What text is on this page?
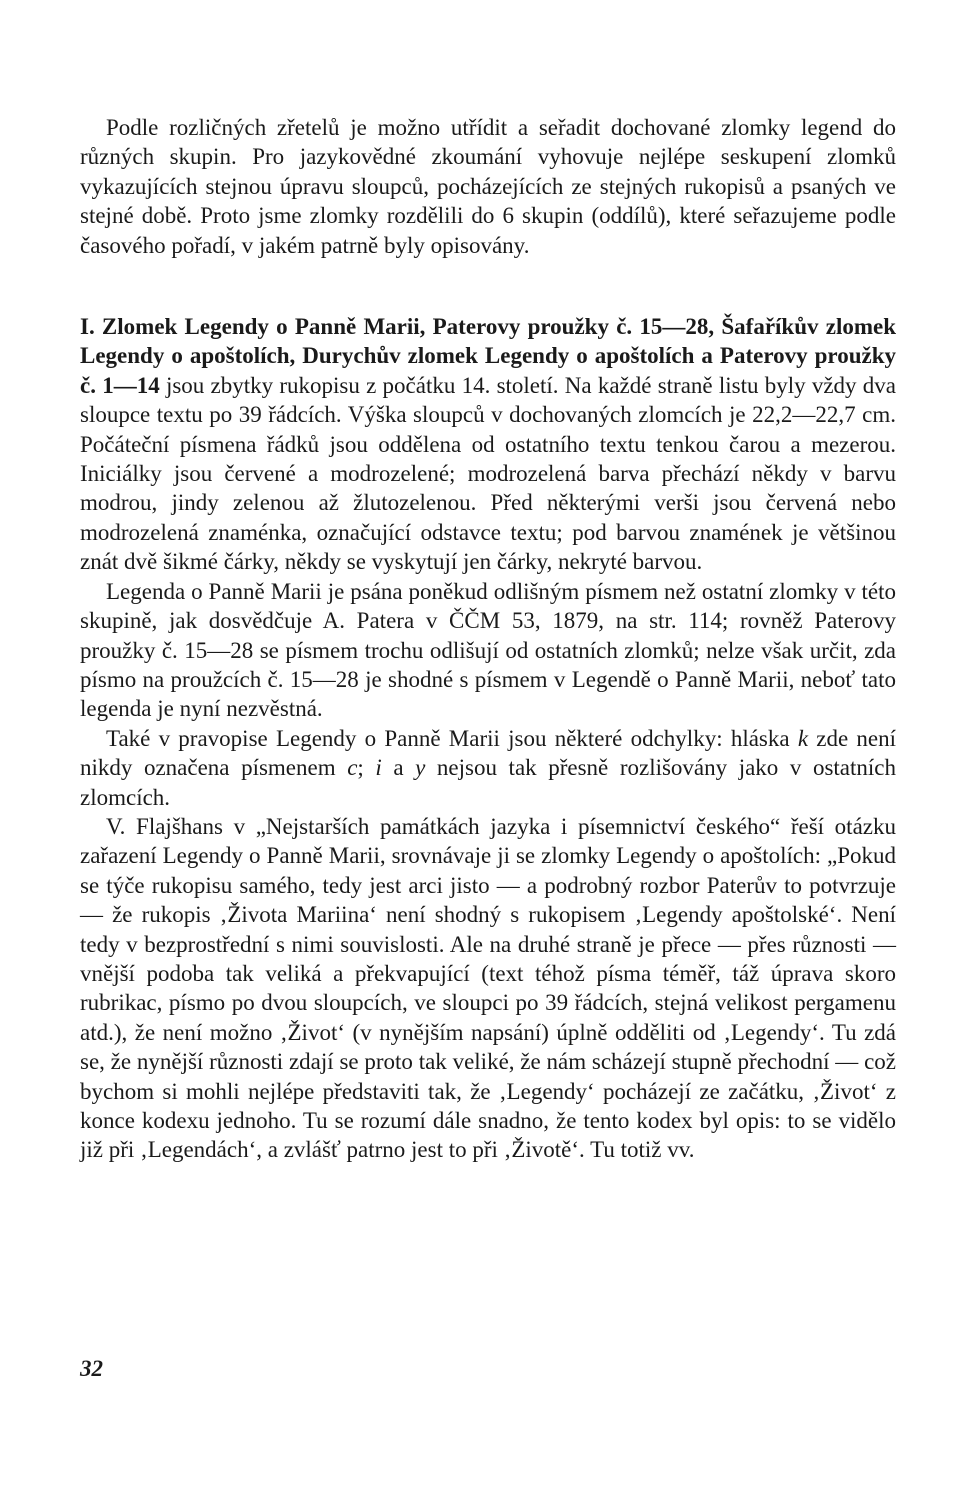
Podle rozličných zřetelů je možno utřídit a seřadit dochované zlomky legend do různých skupin. Pro jazykovědné zkoumání vyhovuje nejlépe seskupení zlomků vykazujících stejnou úpravu sloupců, pocházejících ze stejných rukopisů a psaných ve stejné době. Proto jsme zlomky rozdělili do 6 skupin (oddílů), které seřazujeme podle časového pořadí, v jakém patrně byly opisovány.

I. Zlomek Legendy o Panně Marii, Paterovy proužky č. 15—28, Šafaříkův zlomek Legendy o apoštolích, Durychův zlomek Legendy o apoštolích a Paterovy proužky č. 1—14 jsou zbytky rukopisu z počátku 14. století. Na každé straně listu byly vždy dva sloupce textu po 39 řádcích. Výška sloupců v dochovaných zlomcích je 22,2—22,7 cm. Počáteční písmena řádků jsou oddělena od ostatního textu tenkou čarou a mezerou. Iniciálky jsou červené a modrozelené; modrozelená barva přechází někdy v barvu modrou, jindy zelenou až žlutozelenou. Před některými verši jsou červená nebo modrozelená znaménka, označující odstavce textu; pod barvou znamének je většinou znát dvě šikmé čárky, někdy se vyskytují jen čárky, nekryté barvou.

Legenda o Panně Marii je psána poněkud odlišným písmem než ostatní zlomky v této skupině, jak dosvědčuje A. Patera v ČČM 53, 1879, na str. 114; rovněž Paterovy proužky č. 15—28 se písmem trochu odlišují od ostatních zlomků; nelze však určit, zda písmo na proužcích č. 15—28 je shodné s písmem v Legendě o Panně Marii, neboť tato legenda je nyní nezvěstná.

Také v pravopise Legendy o Panně Marii jsou některé odchylky: hláska k zde není nikdy označena písmenem c; i a y nejsou tak přesně rozlišovány jako v ostatních zlomcích.

V. Flajšhans v „Nejstarších památkách jazyka i písemnictví českého“ řeší otázku zařazení Legendy o Panně Marii, srovnávaje ji se zlomky Legendy o apoštolích: „Pokud se týče rukopisu samého, tedy jest arci jisto — a podrobný rozbor Paterův to potvrzuje — že rukopis ‚Života Mariina‘ není shodný s rukopisem ‚Legendy apoštolské‘. Není tedy v bezprostřední s nimi souvislosti. Ale na druhé straně je přece — přes různosti — vnější podoba tak veliká a překvapující (text téhož písma téměř, táž úprava skoro rubrikac, písmo po dvou sloupcích, ve sloupci po 39 řádcích, stejná velikost pergamenu atd.), že není možno ‚Život‘ (v nynějším napsání) úplně odděliti od ‚Legendy‘. Tu zdá se, že nynější různosti zdají se proto tak veliké, že nám scházejí stupně přechodní — což bychom si mohli nejlépe představiti tak, že ‚Legendy‘ pocházejí ze začátku, ‚Život‘ z konce kodexu jednoho. Tu se rozumí dále snadno, že tento kodex byl opis: to se vidělo již při ‚Legendách‘, a zvlášť patrno jest to při ‚Životě‘. Tu totiž vv.

32
